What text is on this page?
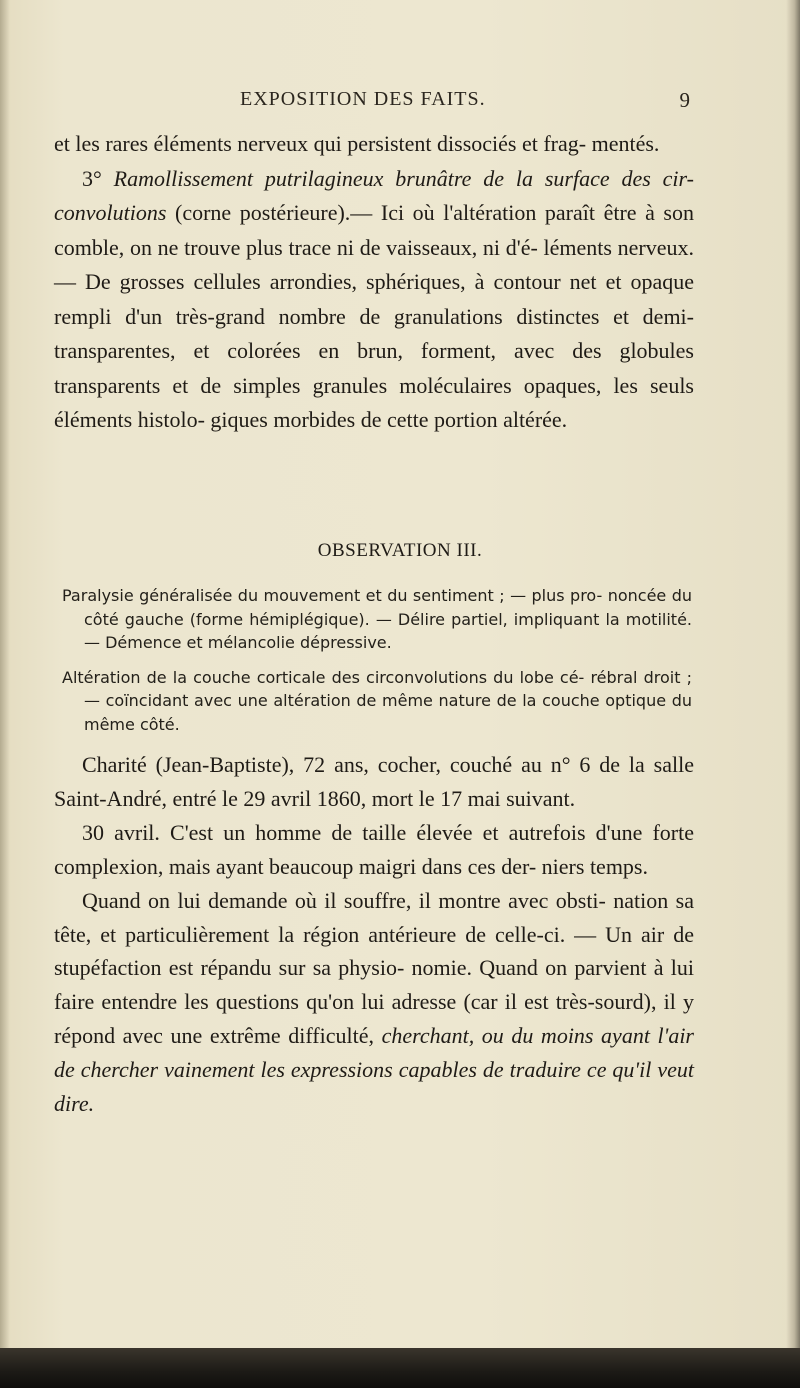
EXPOSITION DES FAITS.	9

et les rares éléments nerveux qui persistent dissociés et frag- mentés.

3° Ramollissement putrilagineux brunâtre de la surface des cir- convolutions (corne postérieure).— Ici où l'altération paraît être à son comble, on ne trouve plus trace ni de vaisseaux, ni d'é- léments nerveux. — De grosses cellules arrondies, sphériques, à contour net et opaque rempli d'un très-grand nombre de granulations distinctes et demi-transparentes, et colorées en brun, forment, avec des globules transparents et de simples granules moléculaires opaques, les seuls éléments histolo- giques morbides de cette portion altérée.

OBSERVATION III.

Paralysie généralisée du mouvement et du sentiment ; — plus pro- noncée du côté gauche (forme hémiplégique). — Délire partiel, impliquant la motilité. — Démence et mélancolie dépressive.

Altération de la couche corticale des circonvolutions du lobe cé- rébral droit ; — coïncidant avec une altération de même nature de la couche optique du même côté.

Charité (Jean-Baptiste), 72 ans, cocher, couché au n° 6 de la salle Saint-André, entré le 29 avril 1860, mort le 17 mai suivant.

30 avril. C'est un homme de taille élevée et autrefois d'une forte complexion, mais ayant beaucoup maigri dans ces der- niers temps.

Quand on lui demande où il souffre, il montre avec obsti- nation sa tête, et particulièrement la région antérieure de celle-ci. — Un air de stupéfaction est répandu sur sa physio- nomie. Quand on parvient à lui faire entendre les questions qu'on lui adresse (car il est très-sourd), il y répond avec une extrême difficulté, cherchant, ou du moins ayant l'air de chercher vainement les expressions capables de traduire ce qu'il veut dire.
